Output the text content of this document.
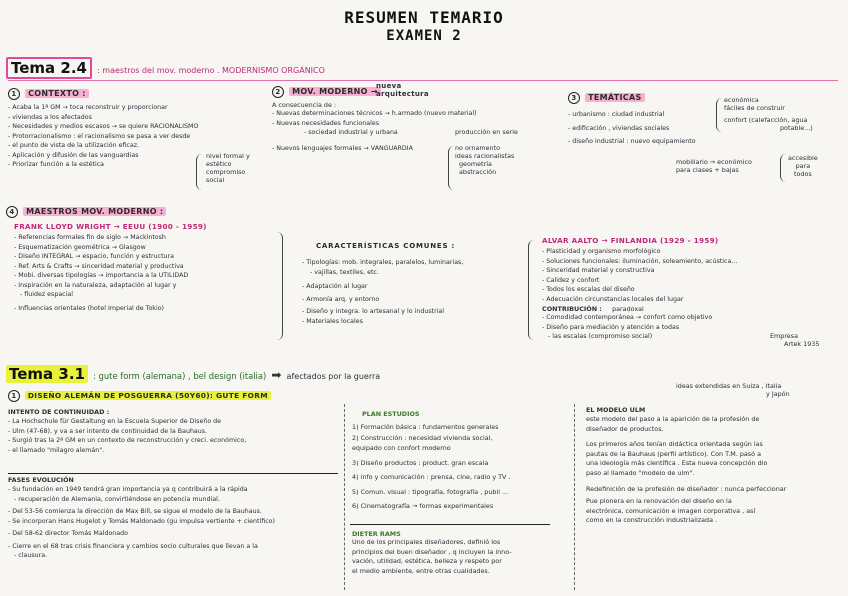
RESUMEN TEMARIO
EXAMEN 2
Tema 2.4 : maestros del mov. moderno . MODERNISMO ORGÁNICO
1 CONTEXTO :
- Acaba la 1ª GM → toca reconstruir y proporcionar
- viviendas a los afectados
- Necesidades y medios escasos → se quiere RACIONALISMO
- Protorracionalismo : el racionalismo se pasa a ver desde
- el punto de vista de la utilización eficaz.
- Aplicación y difusión de las vanguardias
- Priorizar función a la estética
nivel formal y
estético
compromiso
social
2 MOV. MODERNO →
nueva
arquitectura
A consecuencia de :
- Nuevas determinaciones técnicos → h.armado (nuevo material)
- Nuevas necesidades funcionales
- sociedad industrial y urbana
- Nuevos lenguajes formales → VANGUARDIA
producción en serie
no ornamento
ideas racionalistas
geometría
abstracción
3 TEMÁTICAS
- urbanismo : ciudad industrial
- edificación , viviendas sociales
- diseño industrial : nuevo equipamiento
económica
fáciles de construir
confort (calefacción, agua
potable...)
mobiliario → económico
para clases + bajas
accesible
para
todos
4 MAESTROS MOV. MODERNO :
FRANK LLOYD WRIGHT → EEUU (1900 - 1959)
- Referencias formales fin de siglo → Mackintosh
- Esquematización geométrica → Glasgow
- Diseño INTEGRAL → espacio, función y estructura
- Ref. Arts & Crafts → sinceridad material y productiva
- Mobi. diversas tipologías → importancia a la UTILIDAD
- Inspiración en la naturaleza, adaptación al lugar y
- fluidez espacial
- Influencias orientales (hotel Imperial de Tokio)
CARACTERÍSTICAS COMUNES :
- Tipologías: mob. integrales, paralelos, luminarias,
- vajillas, textiles, etc.
- Adaptación al lugar
- Armonía arq. y entorno
- Diseño y integra. lo artesanal y lo industrial
- Materiales locales
ALVAR AALTO → FINLANDIA (1929 - 1959)
- Plasticidad y organismo morfológico
- Soluciones funcionales: iluminación, soleamiento, acústica...
- Sinceridad material y constructiva
- Calidez y confort
- Todos los escalas del diseño
- Adecuación circunstancias locales del lugar
CONTRIBUCIÓN : paradoxal
- Comodidad contemporánea → confort como objetivo
- Diseño para mediación y atención a todas
- las escalas (compromiso social)	Empresa
Artek 1935
Tema 3.1 : gute form (alemana) , bel design (italia) ➡ afectados por la guerra
1 DISEÑO ALEMÁN DE POSGUERRA (50Y60): GUTE FORM
INTENTO DE CONTINUIDAD :
- La Hochschule für Gestaltung en la Escuela Superior de Diseño de
- Ulm (47-68), y va a ser intento de continuidad de la Bauhaus.
- Surgió tras la 2ª GM en un contexto de reconstrucción y creci. económico,
- el llamado "milagro alemán".
FASES EVOLUCIÓN
- Su fundación en 1949 tendrá gran importancia ya q contribuirá a la rápida
- recuperación de Alemania, convirtiéndose en potencia mundial.
- Del 53-56 comienza la dirección de Max Bill, se sigue el modelo de la Bauhaus.
- Se incorporan Hans Hugelot y Tomás Maldonado (gu impulsa vertiente + científico)
- Del 58-62 director Tomás Maldonado
- Cierre en el 68 tras crisis financiera y cambios socio culturales que llevan a la
- clausura.
PLAN ESTUDIOS
1) Formación básica : fundamentos generales
2) Construcción : necesidad vivienda social,
equipado con confort moderno
3) Diseño productos : product. gran escala
4) info y comunicación : prensa, cine, radio y TV .
5) Comun. visual : tipografía, fotografía , publi ...
6) Cinematografía → formas experimentales
DIETER RAMS
Uno de los principales diseñadores, definió los
principios del buen diseñador , q incluyen la inno-
vación, utilidad, estética, belleza y respeto por
el medio ambiente, entre otras cualidades.
ideas extendidas en Suiza , Italia
y Japón
EL MODELO ULM
este modelo del paso a la aparición de la profesión de
diseñador de productos.
Los primeros años tenían didáctica orientada según las
pautas de la Bauhaus (perfil artístico). Con T.M. pasó a
una ideología más científica . Esta nueva concepción dio
paso al llamado "modelo de ulm".
Redefinición de la profesión de diseñador : nunca perfeccionar
Pue pionera en la renovación del diseño en la
electrónica, comunicación e imagen corporativa , así
como en la construcción industrializada .
